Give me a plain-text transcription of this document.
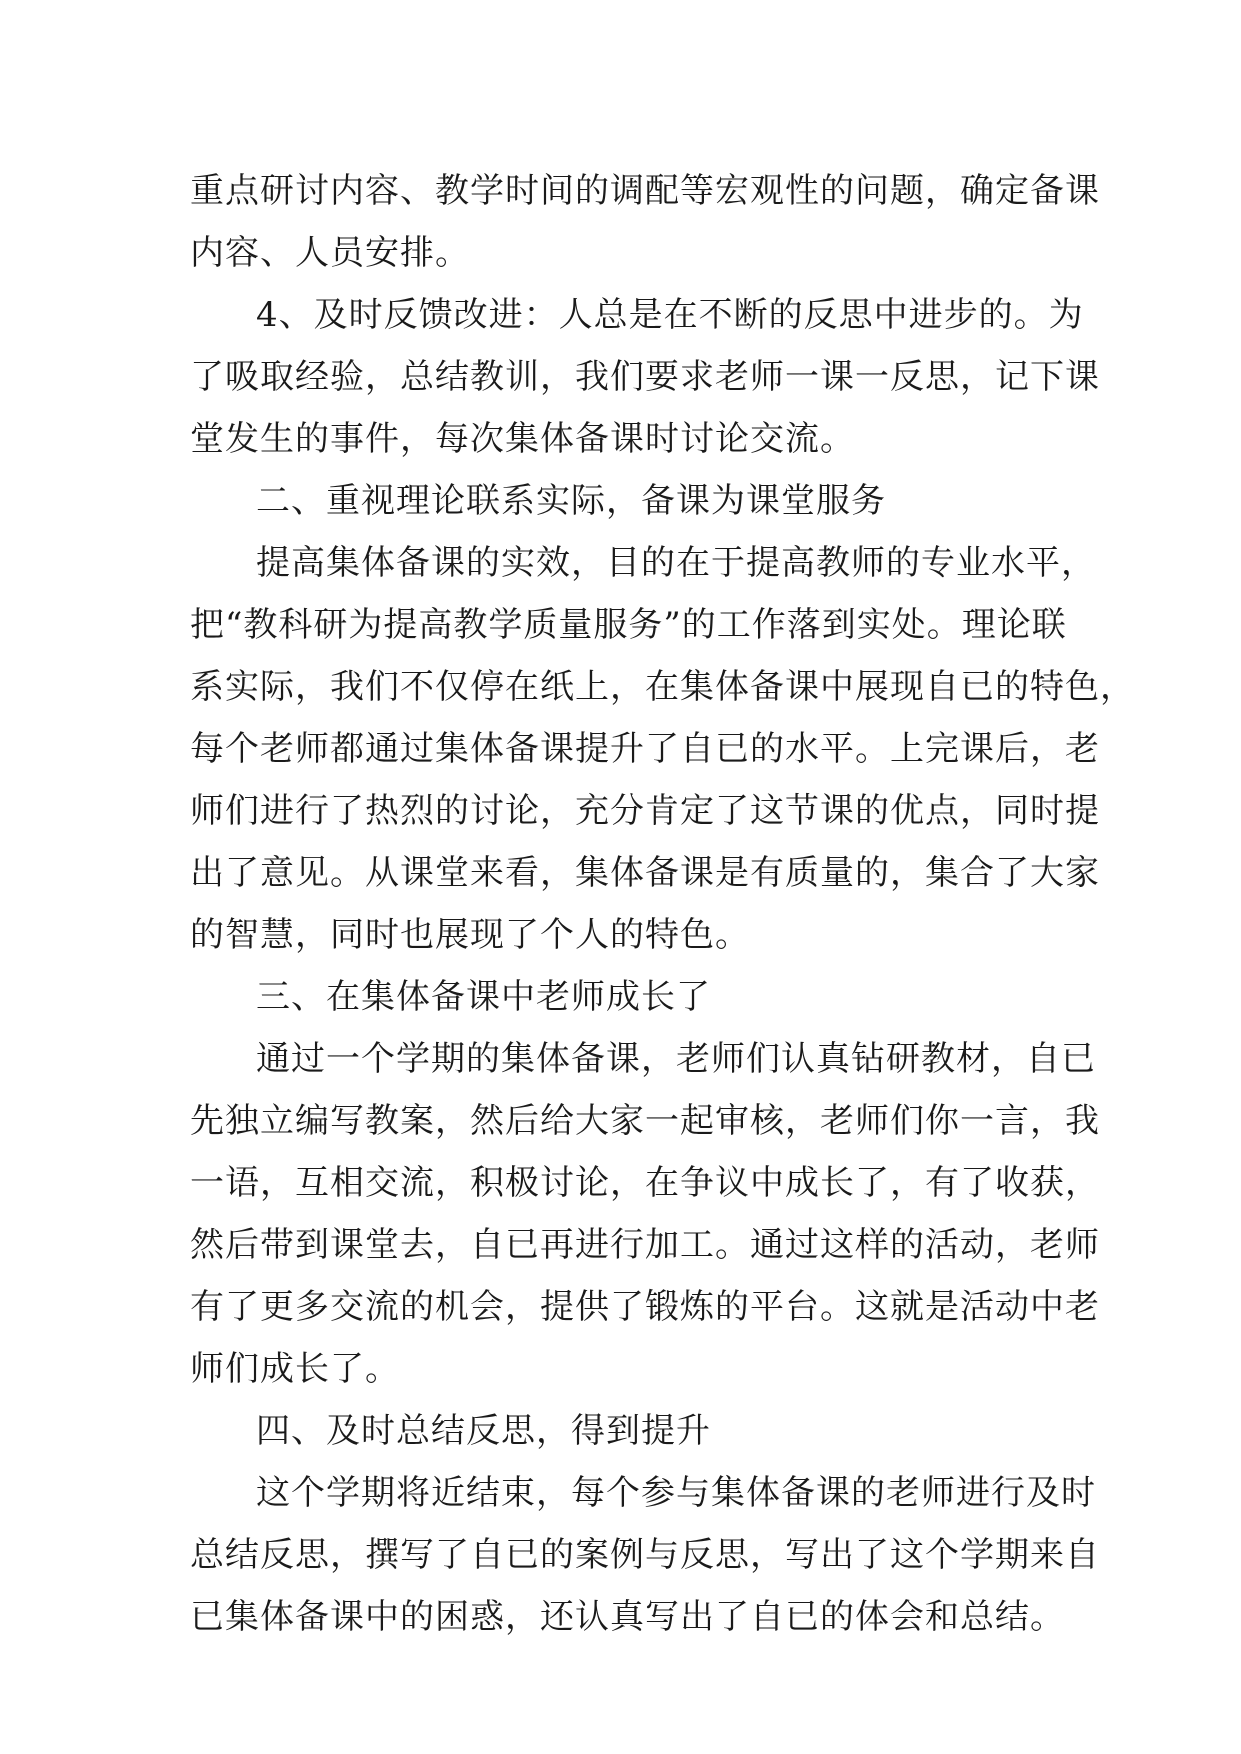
重点研讨内容、教学时间的调配等宏观性的问题，确定备课
内容、人员安排。
4、及时反馈改进：人总是在不断的反思中进步的。为
了吸取经验，总结教训，我们要求老师一课一反思，记下课
堂发生的事件，每次集体备课时讨论交流。
二、重视理论联系实际，备课为课堂服务
提高集体备课的实效，目的在于提高教师的专业水平，
把“教科研为提高教学质量服务”的工作落到实处。理论联
系实际，我们不仅停在纸上，在集体备课中展现自已的特色，
每个老师都通过集体备课提升了自已的水平。上完课后，老
师们进行了热烈的讨论，充分肯定了这节课的优点，同时提
出了意见。从课堂来看，集体备课是有质量的，集合了大家
的智慧，同时也展现了个人的特色。
三、在集体备课中老师成长了
通过一个学期的集体备课，老师们认真钻研教材，自已
先独立编写教案，然后给大家一起审核，老师们你一言，我
一语，互相交流，积极讨论，在争议中成长了，有了收获，
然后带到课堂去，自已再进行加工。通过这样的活动，老师
有了更多交流的机会，提供了锻炼的平台。这就是活动中老
师们成长了。
四、及时总结反思，得到提升
这个学期将近结束，每个参与集体备课的老师进行及时
总结反思，撰写了自已的案例与反思，写出了这个学期来自
已集体备课中的困惑，还认真写出了自已的体会和总结。
